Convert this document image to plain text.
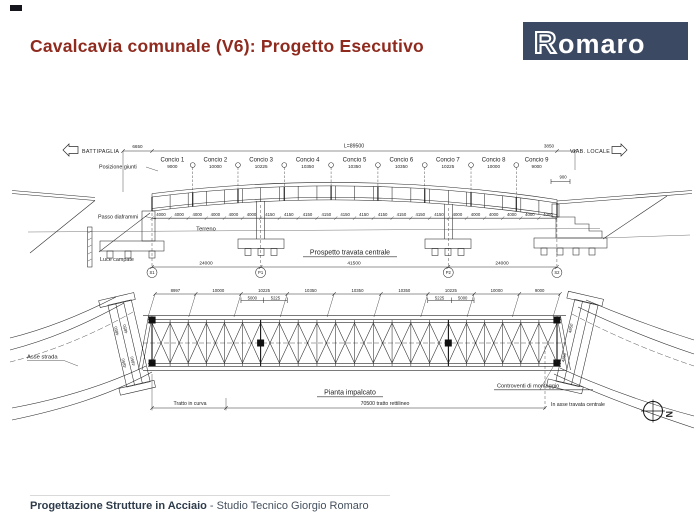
Cavalcavia comunale (V6): Progetto Esecutivo	R omaro
6650	L=89500	3850
BATTIPAGLIA	VIAB. LOCALE
Posizione giunti
900
Passo diaframmi
Terreno
Prospetto travata centrale
Luce campate
24000	41500	24000
S1	P1	P2	S2
4850 4850
4850 4850
4850
4850
Asse strada
Controventi di montaggio
Pianta impalcato
Tratto in curva	70500 tratto rettilineo	In asse travata centrale
N
4000 4000 4000 4000 4000 4000 4150 4150 4150 4150 4150 4150 4150 4150 4150 4150 4000 4000 4000 4000 4000 4000
Concio 1
9000
Concio 2
10000
Concio 3
10225
Concio 4
10350
Concio 5
10350
Concio 6
10350
Concio 7
10225
Concio 8
10000
Concio 9
9000
8997	10000	10225	10350	10350	10350	10225	10000	9000
5000	5225	5225	5000
Progettazione Strutture in Acciaio - Studio Tecnico Giorgio Romaro
